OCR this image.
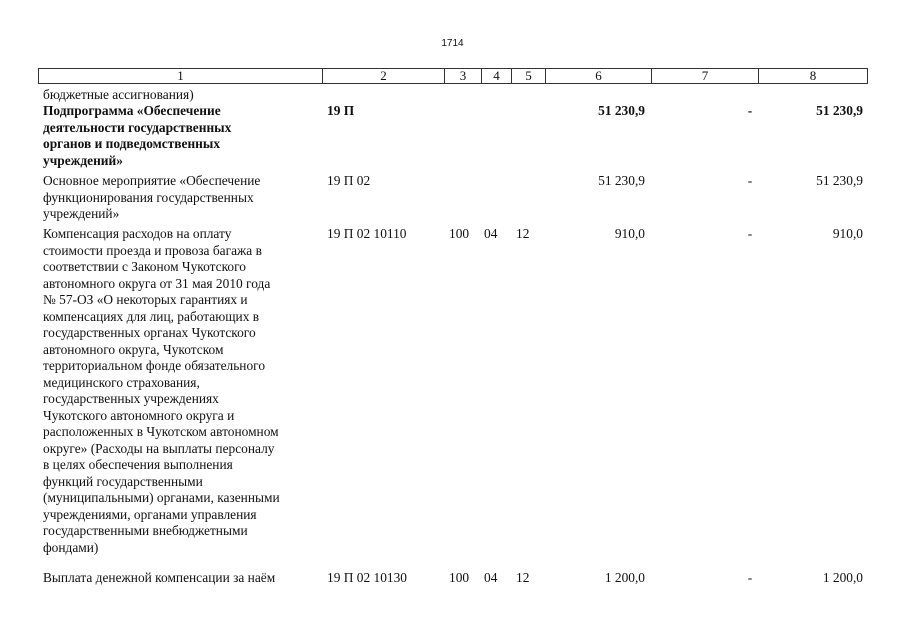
1714
1	2	3	4	5	6	7	8
бюджетные ассигнования)
Подпрограмма «Обеспечение
деятельности государственных
органов и подведомственных
учреждений»
19 П	51 230,9	-	51 230,9
Основное мероприятие «Обеспечение
функционирования государственных
учреждений»
19 П 02	51 230,9	-	51 230,9
Компенсация расходов на оплату
стоимости проезда и провоза багажа в
соответствии с Законом Чукотского
автономного округа от 31 мая 2010 года
№ 57-ОЗ «О некоторых гарантиях и
компенсациях для лиц, работающих в
государственных органах Чукотского
автономного округа, Чукотском
территориальном фонде обязательного
медицинского страхования,
государственных учреждениях
Чукотского автономного округа и
расположенных в Чукотском автономном
округе» (Расходы на выплаты персоналу
в целях обеспечения выполнения
функций государственными
(муниципальными) органами, казенными
учреждениями, органами управления
государственными внебюджетными
фондами)
19 П 02 10110	100 04 12	910,0	-	910,0
Выплата денежной компенсации за наём	19 П 02 10130	100 04 12	1 200,0	-	1 200,0
